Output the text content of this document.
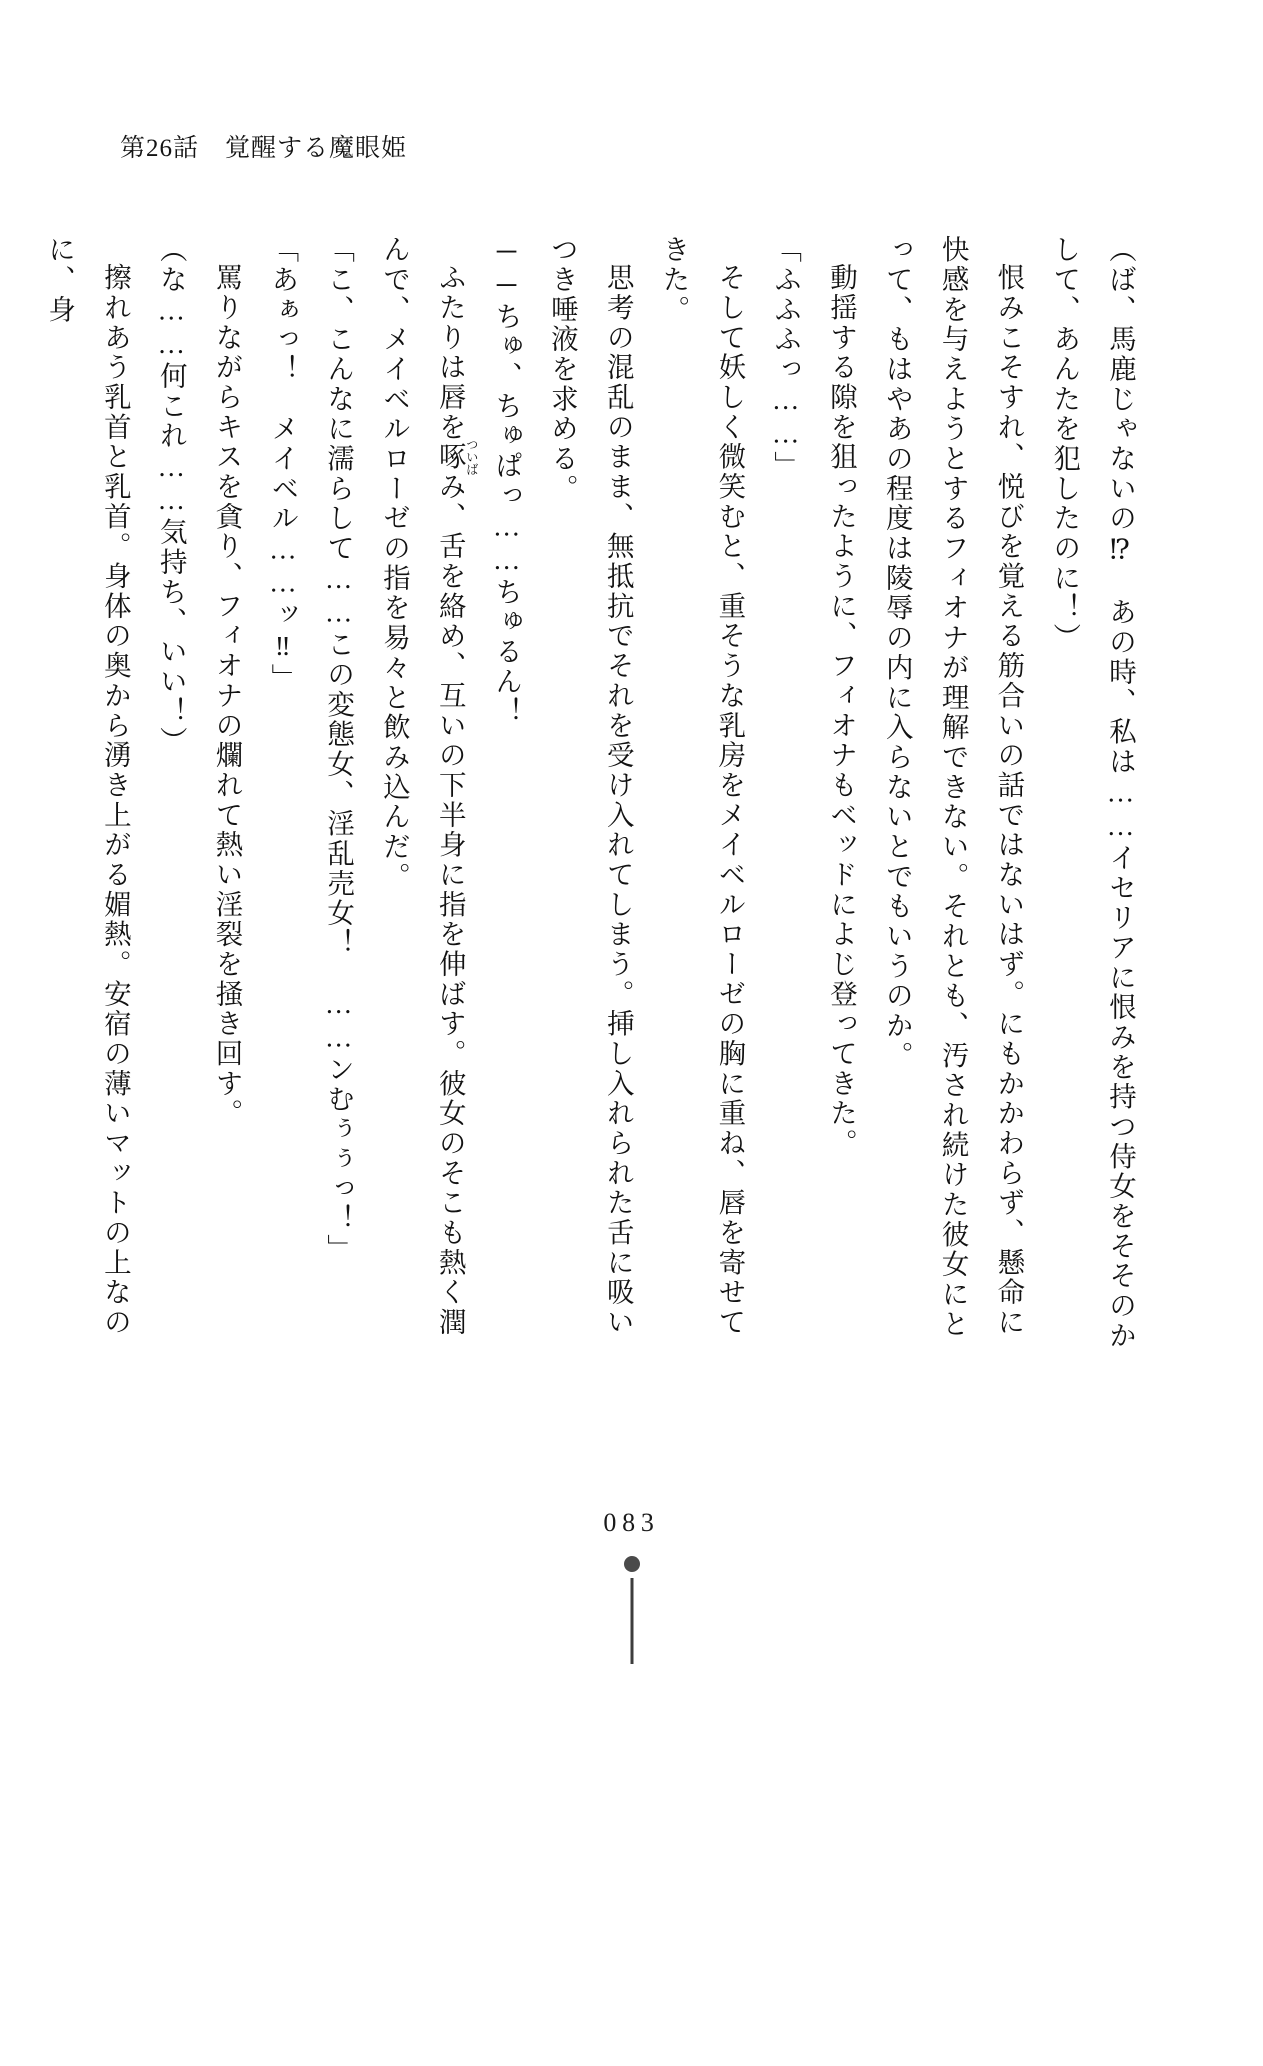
第26話 覚醒する魔眼姫

（ば、馬鹿じゃないの⁉　あの時、私は……イセリアに恨みを持つ侍女をそそのかして、あんたを犯したのに！）

恨みこそすれ、悦びを覚える筋合いの話ではないはず。にもかかわらず、懸命に快感を与えようとするフィオナが理解できない。それとも、汚され続けた彼女にとって、もはやあの程度は陵辱の内に入らないとでもいうのか。

動揺する隙を狙ったように、フィオナもベッドによじ登ってきた。

「ふふふっ……」

そして妖しく微笑むと、重そうな乳房をメイベルローゼの胸に重ね、唇を寄せてきた。

思考の混乱のまま、無抵抗でそれを受け入れてしまう。挿し入れられた舌に吸いつき唾液を求める。

──ちゅ、ちゅぱっ……ちゅるん！

ふたりは唇を啄ついばみ、舌を絡め、互いの下半身に指を伸ばす。彼女のそこも熱く潤んで、メイベルローゼの指を易々と飲み込んだ。

「こ、こんなに濡らして……この変態女、淫乱売女！　……ンむぅぅっ！」

「あぁっ！　メイベル……ッ‼」

罵りながらキスを貪り、フィオナの爛れて熱い淫裂を掻き回す。

（な……何これ……気持ち、いい！）

擦れあう乳首と乳首。身体の奥から湧き上がる媚熱。安宿の薄いマットの上なのに、身

083
